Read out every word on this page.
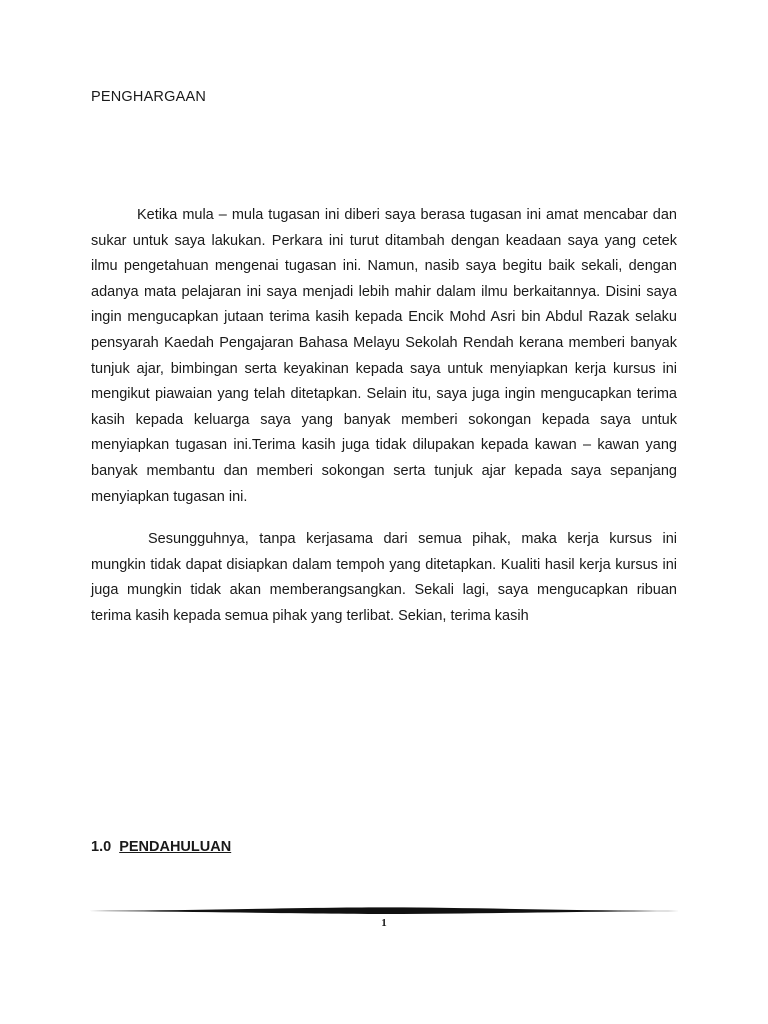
PENGHARGAAN

Ketika mula – mula tugasan ini diberi saya berasa tugasan ini amat mencabar dan sukar untuk saya lakukan. Perkara ini turut ditambah dengan keadaan saya yang cetek ilmu pengetahuan mengenai tugasan ini. Namun, nasib saya begitu baik sekali, dengan adanya mata pelajaran ini saya menjadi lebih mahir dalam ilmu berkaitannya. Disini saya ingin mengucapkan jutaan terima kasih kepada Encik Mohd Asri bin Abdul Razak selaku pensyarah Kaedah Pengajaran Bahasa Melayu Sekolah Rendah kerana memberi banyak tunjuk ajar, bimbingan serta keyakinan kepada saya untuk menyiapkan kerja kursus ini mengikut piawaian yang telah ditetapkan. Selain itu, saya juga ingin mengucapkan terima kasih kepada keluarga saya yang banyak memberi sokongan kepada saya untuk menyiapkan tugasan ini.Terima kasih juga tidak dilupakan kepada kawan – kawan yang banyak membantu dan memberi sokongan serta tunjuk ajar kepada saya sepanjang menyiapkan tugasan ini.

Sesungguhnya, tanpa kerjasama dari semua pihak, maka kerja kursus ini mungkin tidak dapat disiapkan dalam tempoh yang ditetapkan. Kualiti hasil kerja kursus ini juga mungkin tidak akan memberangsangkan. Sekali lagi, saya mengucapkan ribuan terima kasih kepada semua pihak yang terlibat. Sekian, terima kasih

1.0 PENDAHULUAN
1
